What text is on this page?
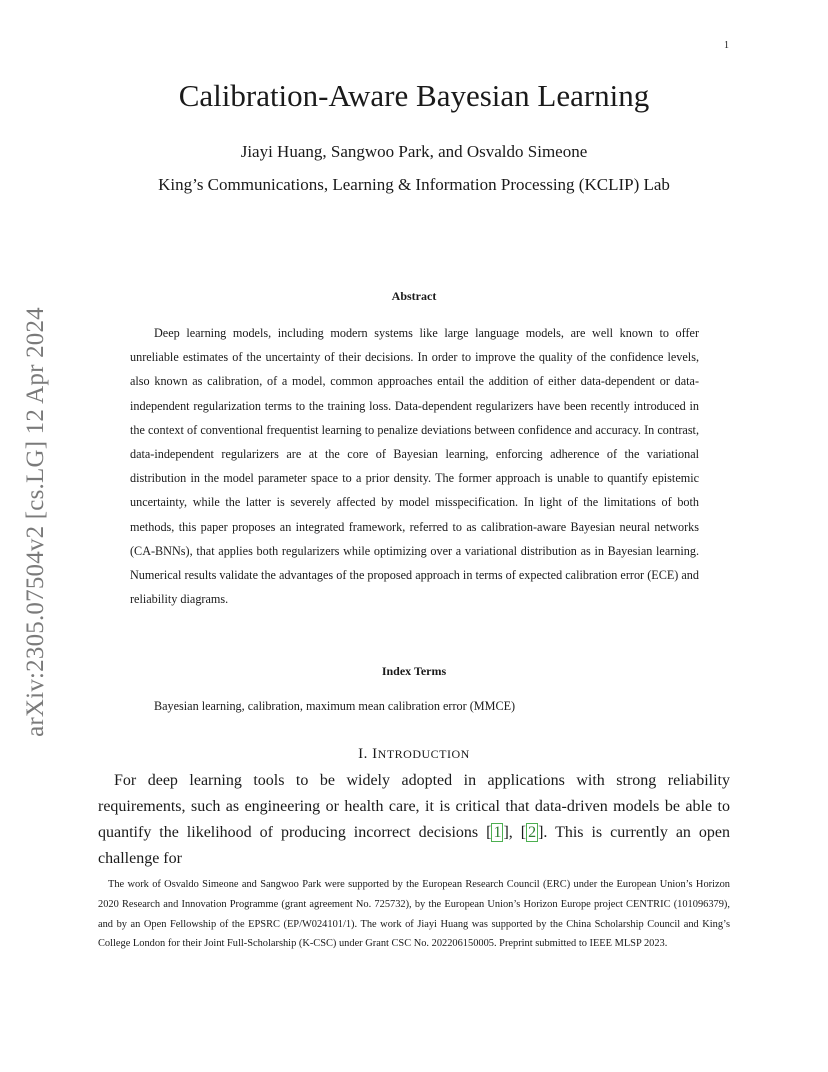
1
arXiv:2305.07504v2 [cs.LG] 12 Apr 2024
Calibration-Aware Bayesian Learning
Jiayi Huang, Sangwoo Park, and Osvaldo Simeone
King’s Communications, Learning & Information Processing (KCLIP) Lab
Abstract
Deep learning models, including modern systems like large language models, are well known to offer unreliable estimates of the uncertainty of their decisions. In order to improve the quality of the confidence levels, also known as calibration, of a model, common approaches entail the addition of either data-dependent or data-independent regularization terms to the training loss. Data-dependent regularizers have been recently introduced in the context of conventional frequentist learning to penalize deviations between confidence and accuracy. In contrast, data-independent regularizers are at the core of Bayesian learning, enforcing adherence of the variational distribution in the model parameter space to a prior density. The former approach is unable to quantify epistemic uncertainty, while the latter is severely affected by model misspecification. In light of the limitations of both methods, this paper proposes an integrated framework, referred to as calibration-aware Bayesian neural networks (CA-BNNs), that applies both regularizers while optimizing over a variational distribution as in Bayesian learning. Numerical results validate the advantages of the proposed approach in terms of expected calibration error (ECE) and reliability diagrams.
Index Terms
Bayesian learning, calibration, maximum mean calibration error (MMCE)
I. INTRODUCTION
For deep learning tools to be widely adopted in applications with strong reliability requirements, such as engineering or health care, it is critical that data-driven models be able to quantify the likelihood of producing incorrect decisions [ 1 ], [ 2 ]. This is currently an open challenge for
The work of Osvaldo Simeone and Sangwoo Park were supported by the European Research Council (ERC) under the European Union’s Horizon 2020 Research and Innovation Programme (grant agreement No. 725732), by the European Union’s Horizon Europe project CENTRIC (101096379), and by an Open Fellowship of the EPSRC (EP/W024101/1). The work of Jiayi Huang was supported by the China Scholarship Council and King’s College London for their Joint Full-Scholarship (K-CSC) under Grant CSC No. 202206150005. Preprint submitted to IEEE MLSP 2023.
